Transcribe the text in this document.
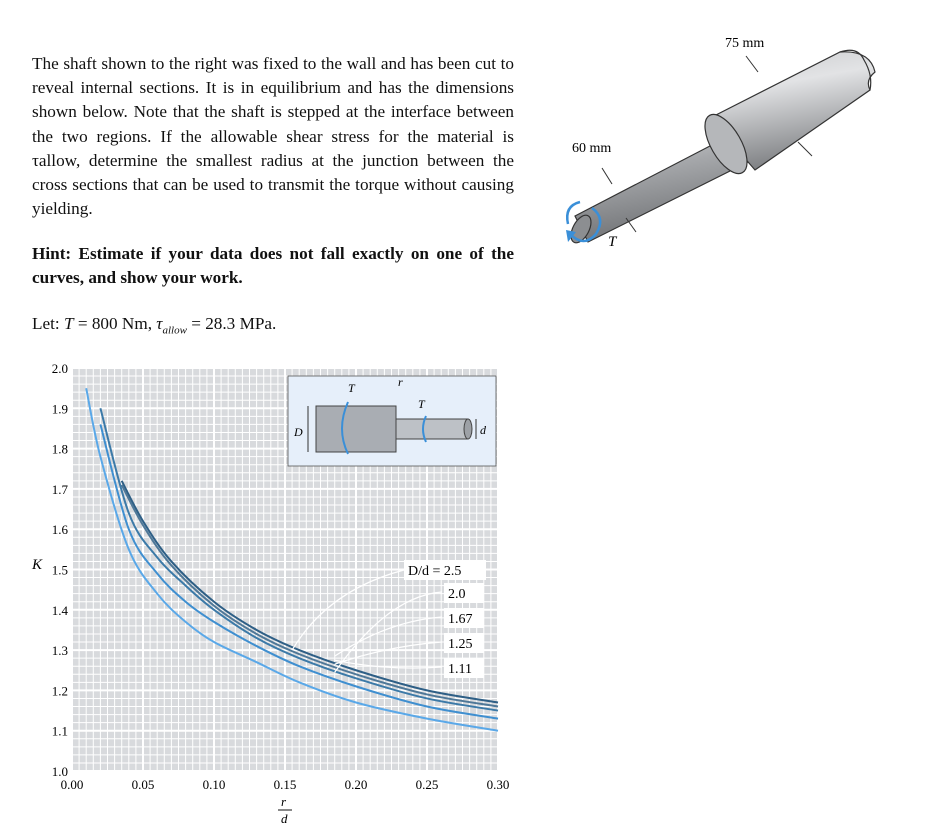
The shaft shown to the right was fixed to the wall and has been cut to reveal internal sections. It is in equilibrium and has the dimensions shown below. Note that the shaft is stepped at the interface between the two regions. If the allowable shear stress for the material is τallow, determine the smallest radius at the junction between the cross sections that can be used to transmit the torque without causing yielding.

Hint: Estimate if your data does not fall exactly on one of the curves, and show your work.

Let: T = 800 Nm, $\tau_{allow} = 28.3$ MPa.

75 mm
60 mm
T
0.00	0.05	0.10	0.15	0.20	0.25	0.30
1.0
1.1
1.2
1.3
1.4
1.5
1.6
1.7
1.8
1.9
2.0
K
r
d
D	d
T
T
r
D/d = 2.5
2.0
1.67
1.25
1.11
